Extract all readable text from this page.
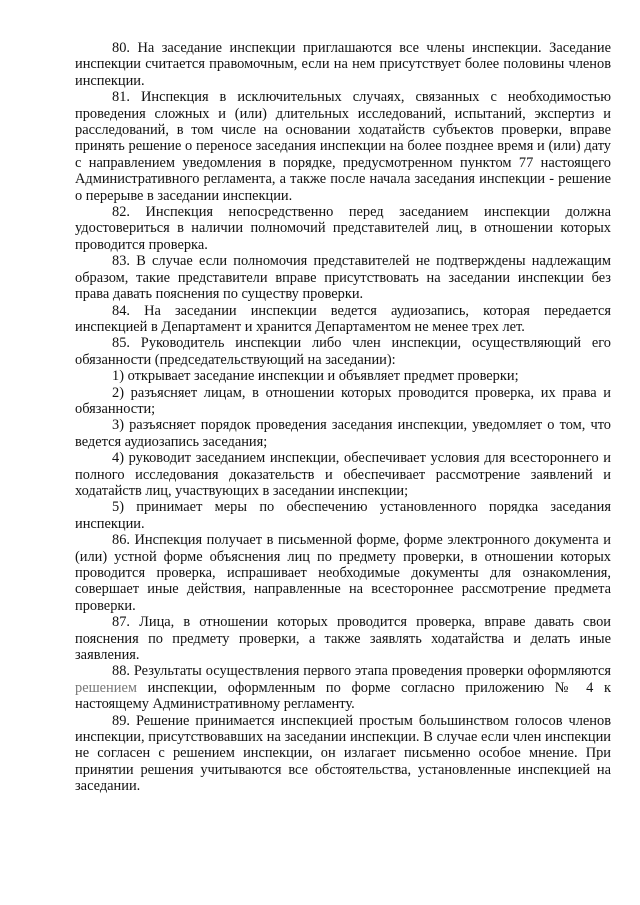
80. На заседание инспекции приглашаются все члены инспекции. Заседание инспекции считается правомочным, если на нем присутствует более половины членов инспекции.

81. Инспекция в исключительных случаях, связанных с необходимостью проведения сложных и (или) длительных исследований, испытаний, экспертиз и расследований, в том числе на основании ходатайств субъектов проверки, вправе принять решение о переносе заседания инспекции на более позднее время и (или) дату с направлением уведомления в порядке, предусмотренном пунктом 77 настоящего Административного регламента, а также после начала заседания инспекции - решение о перерыве в заседании инспекции.

82. Инспекция непосредственно перед заседанием инспекции должна удостовериться в наличии полномочий представителей лиц, в отношении которых проводится проверка.

83. В случае если полномочия представителей не подтверждены надлежащим образом, такие представители вправе присутствовать на заседании инспекции без права давать пояснения по существу проверки.

84. На заседании инспекции ведется аудиозапись, которая передается инспекцией в Департамент и хранится Департаментом не менее трех лет.

85. Руководитель инспекции либо член инспекции, осуществляющий его обязанности (председательствующий на заседании):

1) открывает заседание инспекции и объявляет предмет проверки;

2) разъясняет лицам, в отношении которых проводится проверка, их права и обязанности;

3) разъясняет порядок проведения заседания инспекции, уведомляет о том, что ведется аудиозапись заседания;

4) руководит заседанием инспекции, обеспечивает условия для всестороннего и полного исследования доказательств и обеспечивает рассмотрение заявлений и ходатайств лиц, участвующих в заседании инспекции;

5) принимает меры по обеспечению установленного порядка заседания инспекции.

86. Инспекция получает в письменной форме, форме электронного документа и (или) устной форме объяснения лиц по предмету проверки, в отношении которых проводится проверка, испрашивает необходимые документы для ознакомления, совершает иные действия, направленные на всестороннее рассмотрение предмета проверки.

87. Лица, в отношении которых проводится проверка, вправе давать свои пояснения по предмету проверки, а также заявлять ходатайства и делать иные заявления.

88. Результаты осуществления первого этапа проведения проверки оформляются решением инспекции, оформленным по форме согласно приложению № 4 к настоящему Административному регламенту.

89. Решение принимается инспекцией простым большинством голосов членов инспекции, присутствовавших на заседании инспекции. В случае если член инспекции не согласен с решением инспекции, он излагает письменно особое мнение. При принятии решения учитываются все обстоятельства, установленные инспекцией на заседании.
